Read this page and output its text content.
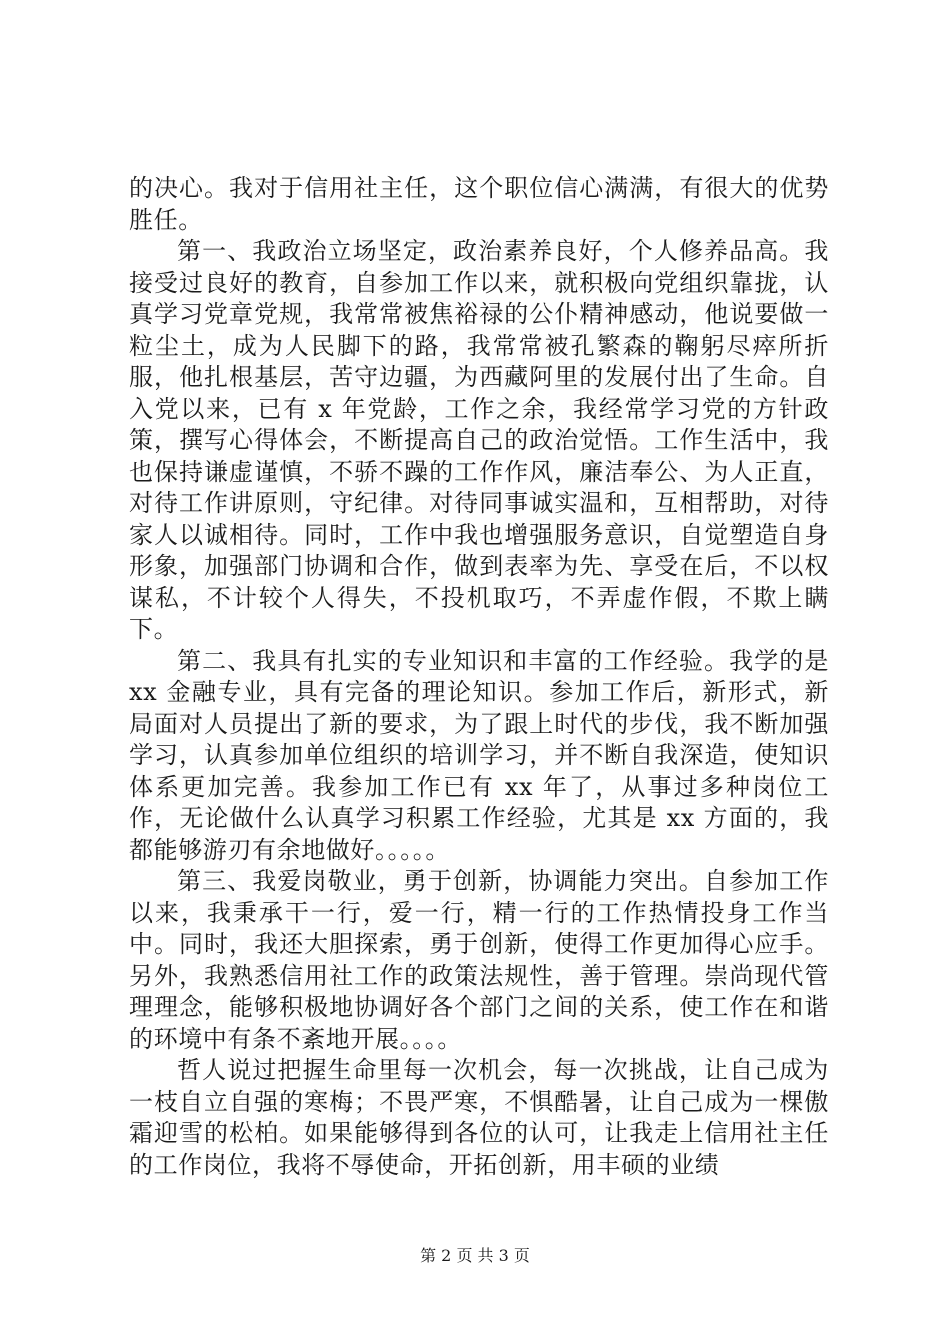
的决心。我对于信用社主任，这个职位信心满满，有很大的优势胜任。

第一、我政治立场坚定，政治素养良好，个人修养品高。我接受过良好的教育，自参加工作以来，就积极向党组织靠拢，认真学习党章党规，我常常被焦裕禄的公仆精神感动，他说要做一粒尘土，成为人民脚下的路，我常常被孔繁森的鞠躬尽瘁所折服，他扎根基层，苦守边疆，为西藏阿里的发展付出了生命。自入党以来，已有 x 年党龄，工作之余，我经常学习党的方针政策，撰写心得体会，不断提高自己的政治觉悟。工作生活中，我也保持谦虚谨慎，不骄不躁的工作作风，廉洁奉公、为人正直，对待工作讲原则，守纪律。对待同事诚实温和，互相帮助，对待家人以诚相待。同时，工作中我也增强服务意识，自觉塑造自身形象，加强部门协调和合作，做到表率为先、享受在后，不以权谋私，不计较个人得失，不投机取巧，不弄虚作假，不欺上瞒下。

第二、我具有扎实的专业知识和丰富的工作经验。我学的是 xx 金融专业，具有完备的理论知识。参加工作后，新形式，新局面对人员提出了新的要求，为了跟上时代的步伐，我不断加强学习，认真参加单位组织的培训学习，并不断自我深造，使知识体系更加完善。我参加工作已有 xx 年了，从事过多种岗位工作，无论做什么认真学习积累工作经验，尤其是 xx 方面的，我都能够游刃有余地做好。。。。。

第三、我爱岗敬业，勇于创新，协调能力突出。自参加工作以来，我秉承干一行，爱一行，精一行的工作热情投身工作当中。同时，我还大胆探索，勇于创新，使得工作更加得心应手。另外，我熟悉信用社工作的政策法规性，善于管理。崇尚现代管理理念，能够积极地协调好各个部门之间的关系，使工作在和谐的环境中有条不紊地开展。。。。

哲人说过把握生命里每一次机会，每一次挑战，让自己成为一枝自立自强的寒梅；不畏严寒，不惧酷暑，让自己成为一棵傲霜迎雪的松柏。如果能够得到各位的认可，让我走上信用社主任的工作岗位，我将不辱使命，开拓创新，用丰硕的业绩

第 2 页 共 3 页
